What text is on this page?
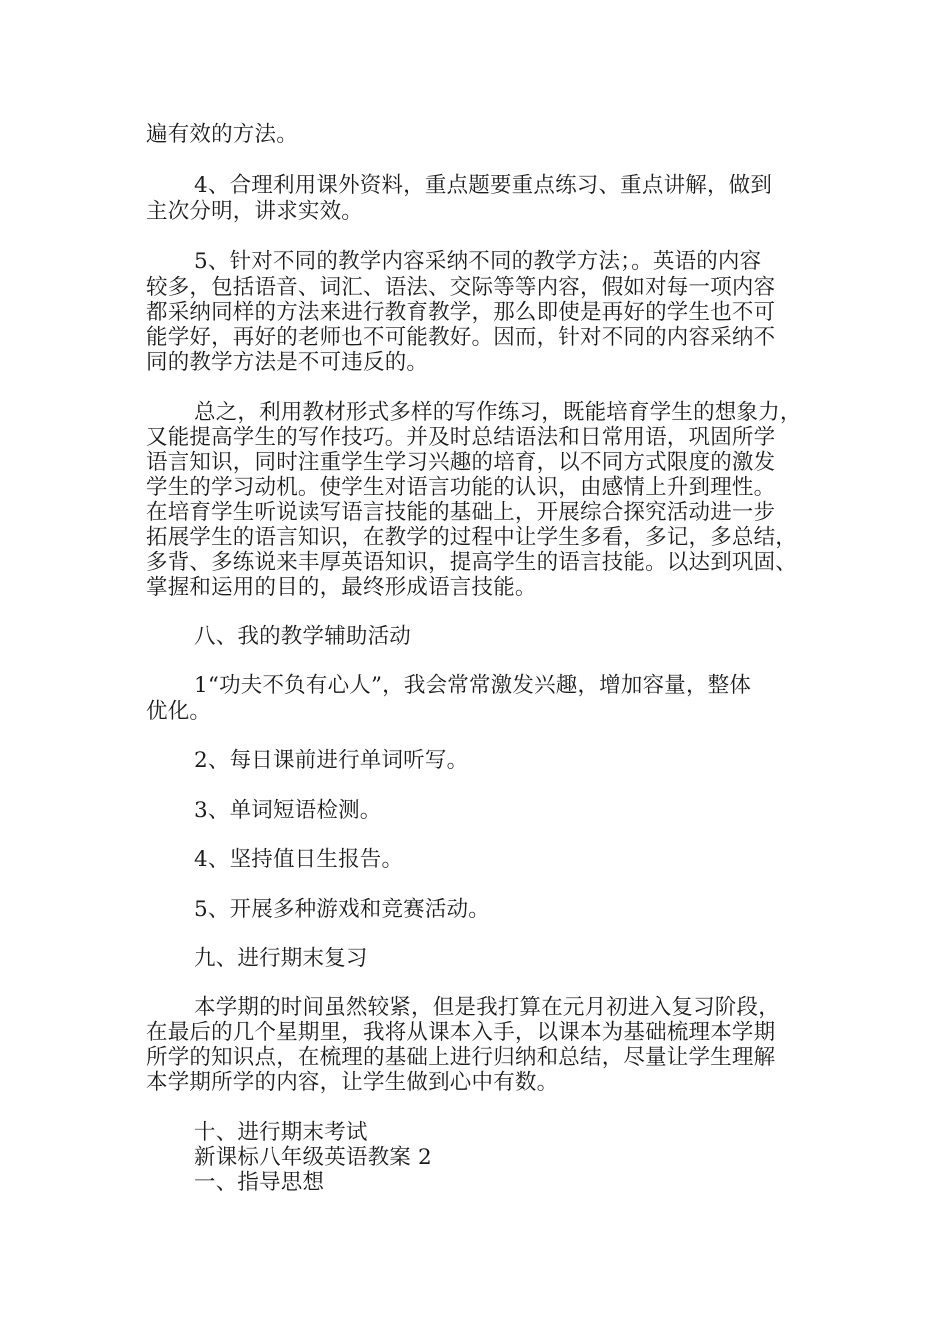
遍有效的方法。
4、合理利用课外资料，重点题要重点练习、重点讲解，做到
主次分明，讲求实效。
5、针对不同的教学内容采纳不同的教学方法；。英语的内容
较多，包括语音、词汇、语法、交际等等内容，假如对每一项内容
都采纳同样的方法来进行教育教学，那么即使是再好的学生也不可
能学好，再好的老师也不可能教好。因而，针对不同的内容采纳不
同的教学方法是不可违反的。
总之，利用教材形式多样的写作练习，既能培育学生的想象力，
又能提高学生的写作技巧。并及时总结语法和日常用语，巩固所学
语言知识，同时注重学生学习兴趣的培育，以不同方式限度的激发
学生的学习动机。使学生对语言功能的认识，由感情上升到理性。
在培育学生听说读写语言技能的基础上，开展综合探究活动进一步
拓展学生的语言知识，在教学的过程中让学生多看，多记，多总结，
多背、多练说来丰厚英语知识，提高学生的语言技能。以达到巩固、
掌握和运用的目的，最终形成语言技能。
八、我的教学辅助活动
1“功夫不负有心人”，我会常常激发兴趣，增加容量，整体
优化。
2、每日课前进行单词听写。
3、单词短语检测。
4、坚持值日生报告。
5、开展多种游戏和竞赛活动。
九、进行期末复习
本学期的时间虽然较紧，但是我打算在元月初进入复习阶段，
在最后的几个星期里，我将从课本入手，以课本为基础梳理本学期
所学的知识点，在梳理的基础上进行归纳和总结，尽量让学生理解
本学期所学的内容，让学生做到心中有数。
十、进行期末考试
新课标八年级英语教案 2
一、指导思想
